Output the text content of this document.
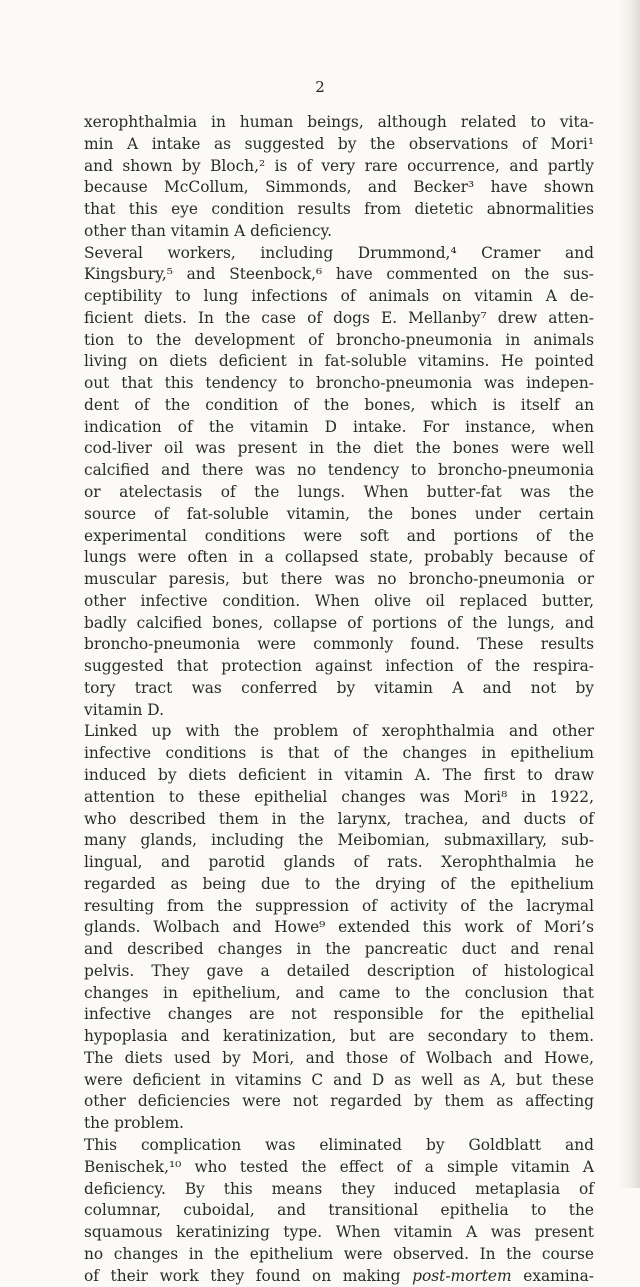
2
xerophthalmia in human beings, although related to vita-
min A intake as suggested by the observations of Mori¹
and shown by Bloch,² is of very rare occurrence, and partly
because McCollum, Simmonds, and Becker³ have shown
that this eye condition results from dietetic abnormalities
other than vitamin A deficiency.
Several workers, including Drummond,⁴ Cramer and
Kingsbury,⁵ and Steenbock,⁶ have commented on the sus-
ceptibility to lung infections of animals on vitamin A de-
ficient diets. In the case of dogs E. Mellanby⁷ drew atten-
tion to the development of broncho-pneumonia in animals
living on diets deficient in fat-soluble vitamins. He pointed
out that this tendency to broncho-pneumonia was indepen-
dent of the condition of the bones, which is itself an
indication of the vitamin D intake. For instance, when
cod-liver oil was present in the diet the bones were well
calcified and there was no tendency to broncho-pneumonia
or atelectasis of the lungs. When butter-fat was the
source of fat-soluble vitamin, the bones under certain
experimental conditions were soft and portions of the
lungs were often in a collapsed state, probably because of
muscular paresis, but there was no broncho-pneumonia or
other infective condition. When olive oil replaced butter,
badly calcified bones, collapse of portions of the lungs, and
broncho-pneumonia were commonly found. These results
suggested that protection against infection of the respira-
tory tract was conferred by vitamin A and not by
vitamin D.
Linked up with the problem of xerophthalmia and other
infective conditions is that of the changes in epithelium
induced by diets deficient in vitamin A. The first to draw
attention to these epithelial changes was Mori⁸ in 1922,
who described them in the larynx, trachea, and ducts of
many glands, including the Meibomian, submaxillary, sub-
lingual, and parotid glands of rats. Xerophthalmia he
regarded as being due to the drying of the epithelium
resulting from the suppression of activity of the lacrymal
glands. Wolbach and Howe⁹ extended this work of Mori’s
and described changes in the pancreatic duct and renal
pelvis. They gave a detailed description of histological
changes in epithelium, and came to the conclusion that
infective changes are not responsible for the epithelial
hypoplasia and keratinization, but are secondary to them.
The diets used by Mori, and those of Wolbach and Howe,
were deficient in vitamins C and D as well as A, but these
other deficiencies were not regarded by them as affecting
the problem.
This complication was eliminated by Goldblatt and
Benischek,¹⁰ who tested the effect of a simple vitamin A
deficiency. By this means they induced metaplasia of
columnar, cuboidal, and transitional epithelia to the
squamous keratinizing type. When vitamin A was present
no changes in the epithelium were observed. In the course
of their work they found on making post-mortem examina-
